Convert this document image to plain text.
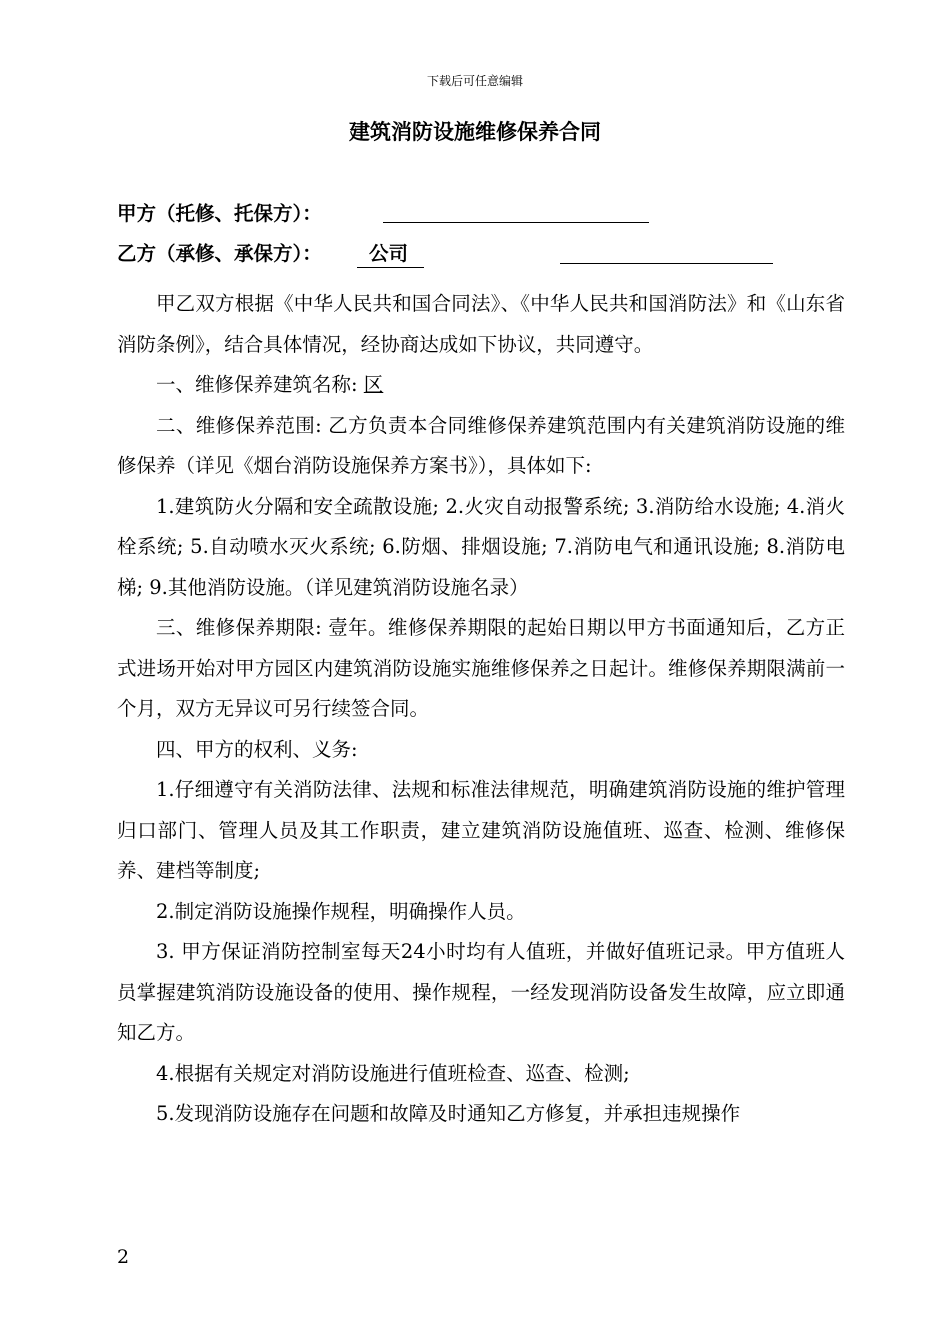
下载后可任意编辑
建筑消防设施维修保养合同
甲方（托修、托保方）：
乙方（承修、承保方）：	公司

甲乙双方根据《中华人民共和国合同法》、《中华人民共和国消防法》和《山东省消防条例》，结合具体情况，经协商达成如下协议，共同遵守。

一、维修保养建筑名称: 区

二、维修保养范围: 乙方负责本合同维修保养建筑范围内有关建筑消防设施的维修保养（详见《烟台消防设施保养方案书》），具体如下:

1.建筑防火分隔和安全疏散设施; 2.火灾自动报警系统; 3.消防给水设施; 4.消火栓系统; 5.自动喷水灭火系统; 6.防烟、排烟设施; 7.消防电气和通讯设施; 8.消防电梯; 9.其他消防设施。（详见建筑消防设施名录）

三、维修保养期限: 壹年。维修保养期限的起始日期以甲方书面通知后，乙方正式进场开始对甲方园区内建筑消防设施实施维修保养之日起计。维修保养期限满前一个月，双方无异议可另行续签合同。

四、甲方的权利、义务:

1.仔细遵守有关消防法律、法规和标准法律规范，明确建筑消防设施的维护管理归口部门、管理人员及其工作职责，建立建筑消防设施值班、巡查、检测、维修保养、建档等制度;

2.制定消防设施操作规程，明确操作人员。

3. 甲方保证消防控制室每天24小时均有人值班，并做好值班记录。甲方值班人员掌握建筑消防设施设备的使用、操作规程，一经发现消防设备发生故障，应立即通知乙方。

4.根据有关规定对消防设施进行值班检查、巡查、检测;

5.发现消防设施存在问题和故障及时通知乙方修复，并承担违规操作

2
